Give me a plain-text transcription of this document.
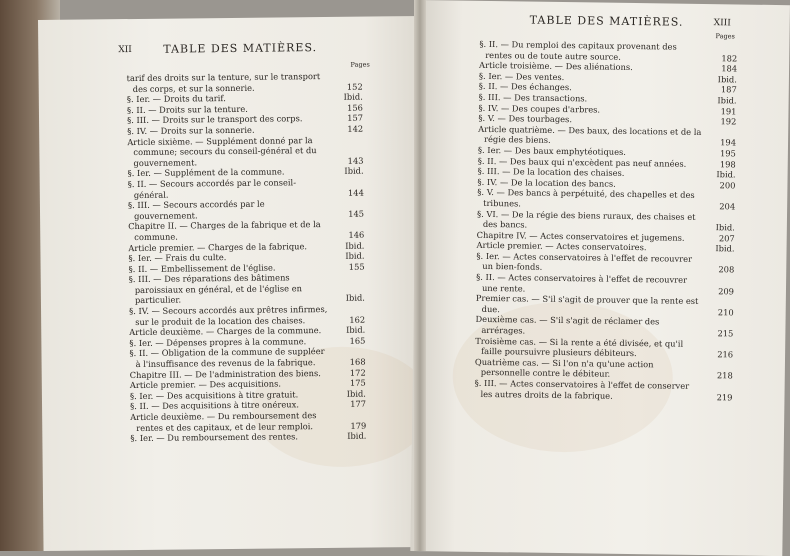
XII	TABLE DES MATIÈRES.
Pages
tarif des droits sur la tenture, sur le transport des corps, et sur la sonnerie.	152
§. Ier. — Droits du tarif.	Ibid.
§. II. — Droits sur la tenture.	156
§. III. — Droits sur le transport des corps.	157
§. IV. — Droits sur la sonnerie.	142
Article sixième. — Supplément donné par la commune; secours du conseil-général et du gouvernement.	143
§. Ier. — Supplément de la commune.	Ibid.
§. II. — Secours accordés par le conseil-général.	144
§. III. — Secours accordés par le gouvernement.	145
Chapitre II. — Charges de la fabrique et de la commune.	146
Article premier. — Charges de la fabrique.	Ibid.
§. Ier. — Frais du culte.	Ibid.
§. II. — Embellissement de l'église.	155
§. III. — Des réparations des bâtimens paroissiaux en général, et de l'église en particulier.	Ibid.
§. IV. — Secours accordés aux prêtres infirmes, sur le produit de la location des chaises.	162
Article deuxième. — Charges de la commune.	Ibid.
§. Ier. — Dépenses propres à la commune.	165
§. II. — Obligation de la commune de suppléer à l'insuffisance des revenus de la fabrique.	168
Chapitre III. — De l'administration des biens.	172
Article premier. — Des acquisitions.	175
§. Ier. — Des acquisitions à titre gratuit.	Ibid.
§. II. — Des acquisitions à titre onéreux.	177
Article deuxième. — Du remboursement des rentes et des capitaux, et de leur remploi.	179
§. Ier. — Du remboursement des rentes.	Ibid.
TABLE DES MATIÈRES.	XIII
Pages
§. II. — Du remploi des capitaux provenant des rentes ou de toute autre source.	182
Article troisième. — Des aliénations.	184
§. Ier. — Des ventes.	Ibid.
§. II. — Des échanges.	187
§. III. — Des transactions.	Ibid.
§. IV. — Des coupes d'arbres.	191
§. V. — Des tourbages.	192
Article quatrième. — Des baux, des locations et de la régie des biens.	194
§. Ier. — Des baux emphytéotiques.	195
§. II. — Des baux qui n'excèdent pas neuf années.	198
§. III. — De la location des chaises.	Ibid.
§. IV. — De la location des bancs.	200
§. V. — Des bancs à perpétuité, des chapelles et des tribunes.	204
§. VI. — De la régie des biens ruraux, des chaises et des bancs.	Ibid.
Chapitre IV. — Actes conservatoires et jugemens.	207
Article premier. — Actes conservatoires.	Ibid.
§. Ier. — Actes conservatoires à l'effet de recouvrer un bien-fonds.	208
§. II. — Actes conservatoires à l'effet de recouvrer une rente.	209
Premier cas. — S'il s'agit de prouver que la rente est due.	210
Deuxième cas. — S'il s'agit de réclamer des arrérages.	215
Troisième cas. — Si la rente a été divisée, et qu'il faille poursuivre plusieurs débiteurs.	216
Quatrième cas. — Si l'on n'a qu'une action personnelle contre le débiteur.	218
§. III. — Actes conservatoires à l'effet de conserver les autres droits de la fabrique.	219
